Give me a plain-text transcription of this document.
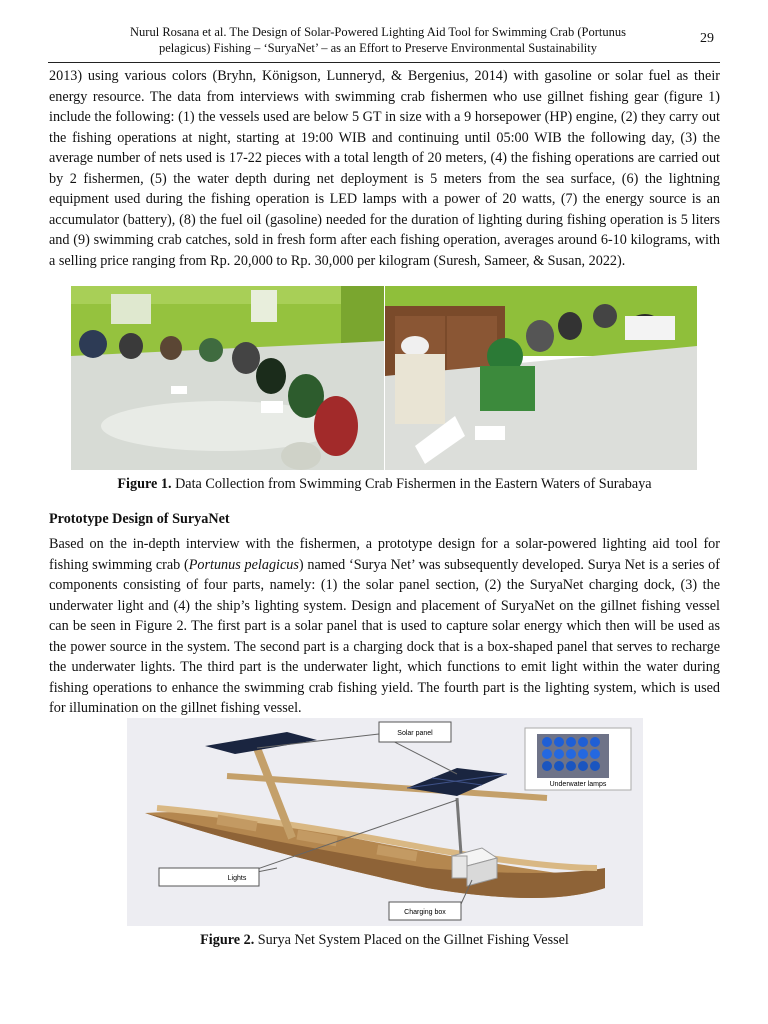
Nurul Rosana et al. The Design of Solar-Powered Lighting Aid Tool for Swimming Crab (Portunus pelagicus) Fishing – ‘SuryaNet’ – as an Effort to Preserve Environmental Sustainability
29

2013) using various colors (Bryhn, Königson, Lunneryd, & Bergenius, 2014) with gasoline or solar fuel as their energy resource. The data from interviews with swimming crab fishermen who use gillnet fishing gear (figure 1) include the following: (1) the vessels used are below 5 GT in size with a 9 horsepower (HP) engine, (2) they carry out the fishing operations at night, starting at 19:00 WIB and continuing until 05:00 WIB the following day, (3) the average number of nets used is 17-22 pieces with a total length of 20 meters, (4) the fishing operations are carried out by 2 fishermen, (5) the water depth during net deployment is 5 meters from the sea surface, (6) the lightning equipment used during the fishing operation is LED lamps with a power of 20 watts, (7) the energy source is an accumulator (battery), (8) the fuel oil (gasoline) needed for the duration of lighting during fishing operation is 5 liters and (9) swimming crab catches, sold in fresh form after each fishing operation, averages around 6-10 kilograms, with a selling price ranging from Rp. 20,000 to Rp. 30,000 per kilogram (Suresh, Sameer, & Susan, 2022).

Figure 1. Data Collection from Swimming Crab Fishermen in the Eastern Waters of Surabaya
Prototype Design of SuryaNet

Based on the in-depth interview with the fishermen, a prototype design for a solar-powered lighting aid tool for fishing swimming crab (Portunus pelagicus) named ‘Surya Net’ was subsequently developed. Surya Net is a series of components consisting of four parts, namely: (1) the solar panel section, (2) the SuryaNet charging dock, (3) the underwater light and (4) the ship’s lighting system. Design and placement of SuryaNet on the gillnet fishing vessel can be seen in Figure 2. The first part is a solar panel that is used to capture solar energy which then will be used as the power source in the system. The second part is a charging dock that is a box-shaped panel that serves to recharge the underwater lights. The third part is the underwater light, which functions to emit light within the water during fishing operations to enhance the swimming crab fishing yield. The fourth part is the lighting system, which is used for illumination on the gillnet fishing vessel.

Solar panel
Lights
Charging box
Underwater lamps
Figure 2. Surya Net System Placed on the Gillnet Fishing Vessel
